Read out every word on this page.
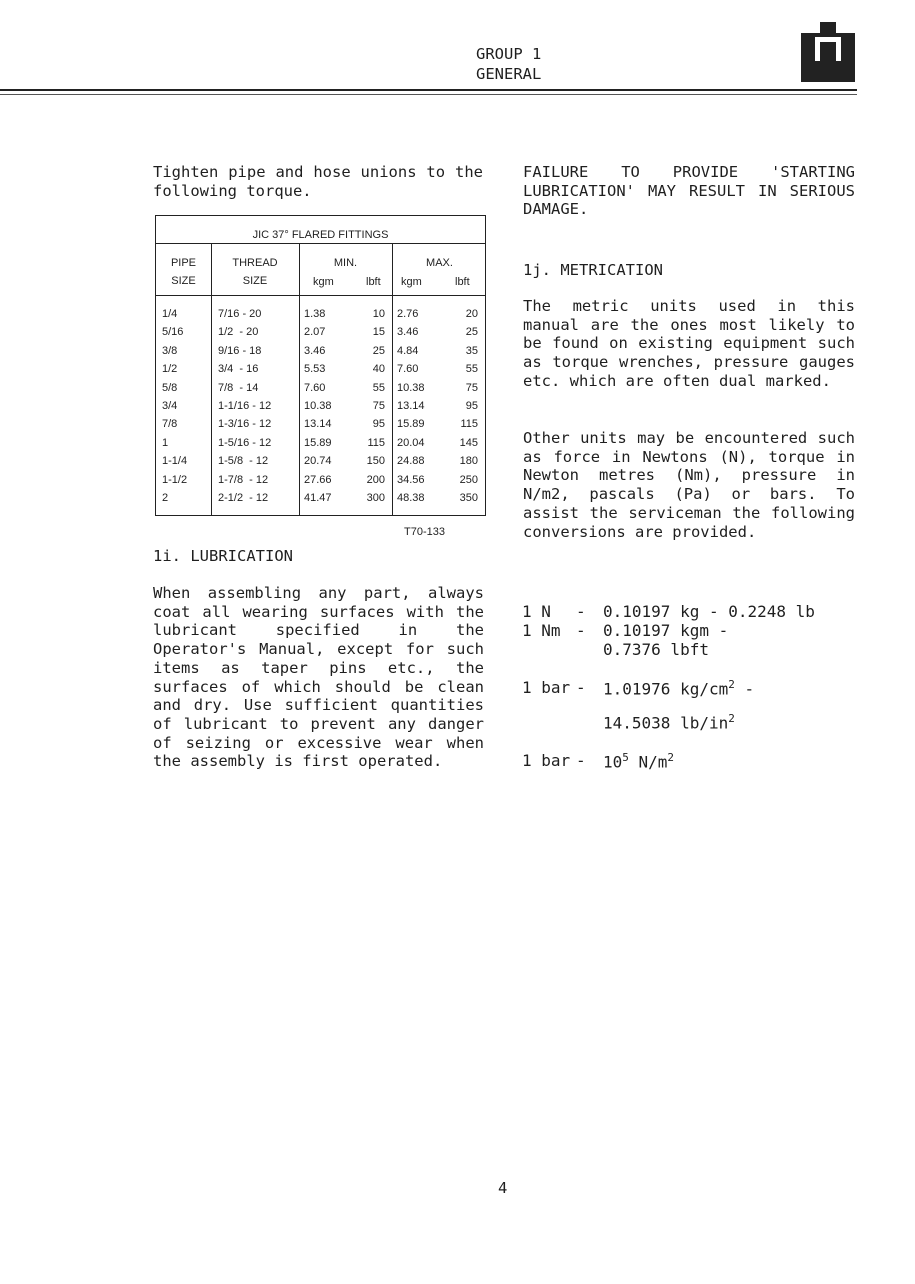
GROUP 1
GENERAL
Tighten pipe and hose unions to the following torque.
JIC 37° FLARED FITTINGS
PIPE
SIZE
THREAD
SIZE
MIN.	MAX.
kgm	lbft kgm	lbft
1/4	7/16 - 20	1.38	10 2.76	20
5/16	1/2  - 20	2.07	15 3.46	25
3/8	9/16 - 18	3.46	25 4.84	35
1/2	3/4  - 16	5.53	40 7.60	55
5/8	7/8  - 14	7.60	55 10.38	75
3/4	1-1/16 - 12	10.38	75 13.14	95
7/8	1-3/16 - 12	13.14	95 15.89	115
1	1-5/16 - 12	15.89	115 20.04	145
1-1/4	1-5/8  - 12	20.74	150 24.88	180
1-1/2	1-7/8  - 12	27.66	200 34.56	250
2	2-1/2  - 12	41.47	300 48.38	350
T70-133
1i. LUBRICATION
When assembling any part, always coat all wearing surfaces with the lubricant specified in the Operator's Manual, except for such items as taper pins etc., the surfaces of which should be clean and dry. Use sufficient quantities of lubricant to prevent any danger of seizing or excessive wear when the assembly is first operated.
FAILURE TO PROVIDE 'STARTING LUBRICATION' MAY RESULT IN SERIOUS DAMAGE.
1j. METRICATION
The metric units used in this manual are the ones most likely to be found on existing equipment such as torque wrenches, pressure gauges etc. which are often dual marked.
Other units may be encountered such as force in Newtons (N), torque in Newton metres (Nm), pressure in N/m2, pascals (Pa) or bars. To assist the serviceman the following conversions are provided.
1 N - 0.10197 kg - 0.2248 lb
1 Nm - 0.10197 kgm -
0.7376 lbft
1 bar - 1.01976 $kg/cm^2$ -
14.5038 $lb/in^2$
1 bar - $10^5$ $N/m^2$
4
